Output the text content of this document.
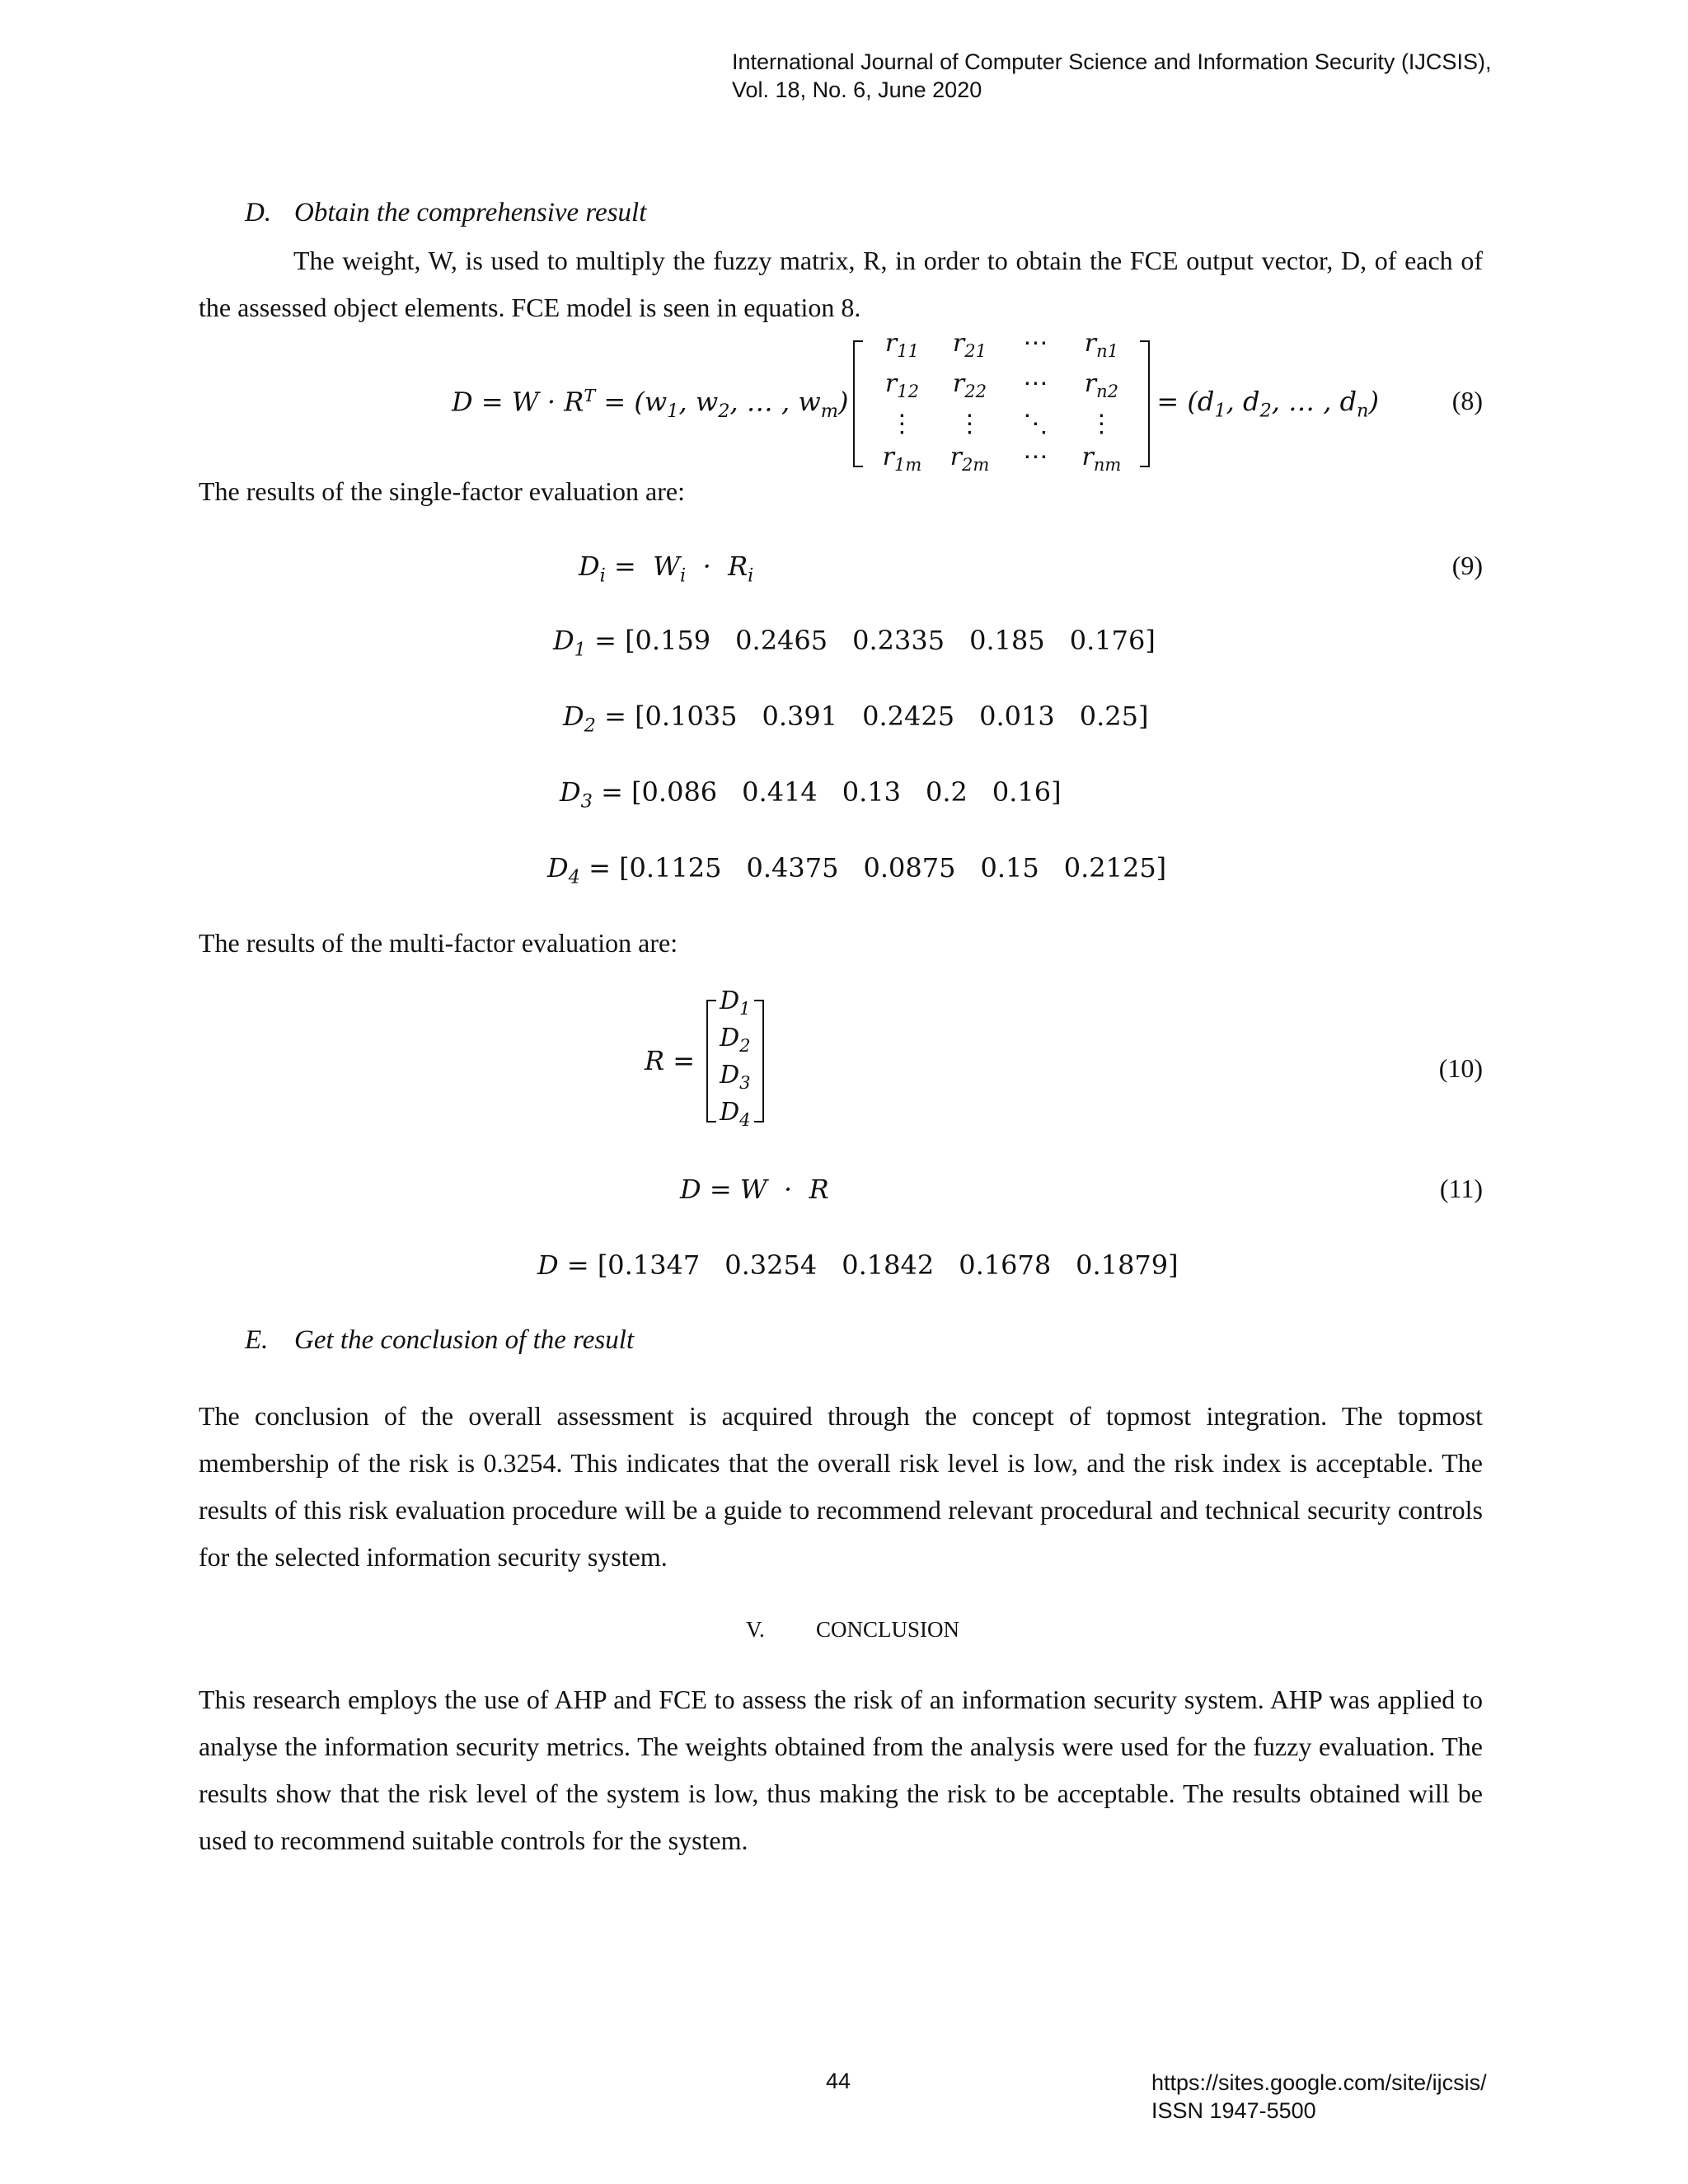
International Journal of Computer Science and Information Security (IJCSIS),
Vol. 18, No. 6, June 2020
D. Obtain the comprehensive result
The weight, W, is used to multiply the fuzzy matrix, R, in order to obtain the FCE output vector, D, of each of the assessed object elements. FCE model is seen in equation 8.
$D = W \cdot R^T = (w_1$, $w_2$, … , $w_m$)
$r_{11}$	$r_{21}$	⋯	$r_{n1}$
$r_{12}$	$r_{22}$	⋯	$r_{n2}$
⋮	⋮	⋱	⋮
$r_{1m}$	$r_{2m}$	⋯	$r_{nm}$
= ($d_1$, $d_2$, … , $d_n$)	(8)
The results of the single-factor evaluation are:
$D_i = W_i \cdot R_i$	(9)
$D_1 = [0.159$ 0.2465 0.2335 0.185 0.176]
$D_2 = [0.1035$ 0.391 0.2425 0.013 0.25]
$D_3 = [0.086$ 0.414 0.13 0.2 0.16]
$D_4 = [0.1125$ 0.4375 0.0875 0.15 0.2125]
The results of the multi-factor evaluation are:
R =
$D_1$
$D_2$
$D_3$
$D_4$
(10)
D = W  ·  R	(11)
D = [0.1347 0.3254 0.1842 0.1678 0.1879]
E. Get the conclusion of the result
The conclusion of the overall assessment is acquired through the concept of topmost integration. The topmost membership of the risk is 0.3254. This indicates that the overall risk level is low, and the risk index is acceptable. The results of this risk evaluation procedure will be a guide to recommend relevant procedural and technical security controls for the selected information security system.
V. CONCLUSION
This research employs the use of AHP and FCE to assess the risk of an information security system. AHP was applied to analyse the information security metrics. The weights obtained from the analysis were used for the fuzzy evaluation. The results show that the risk level of the system is low, thus making the risk to be acceptable. The results obtained will be used to recommend suitable controls for the system.
44	https://sites.google.com/site/ijcsis/
ISSN 1947-5500
